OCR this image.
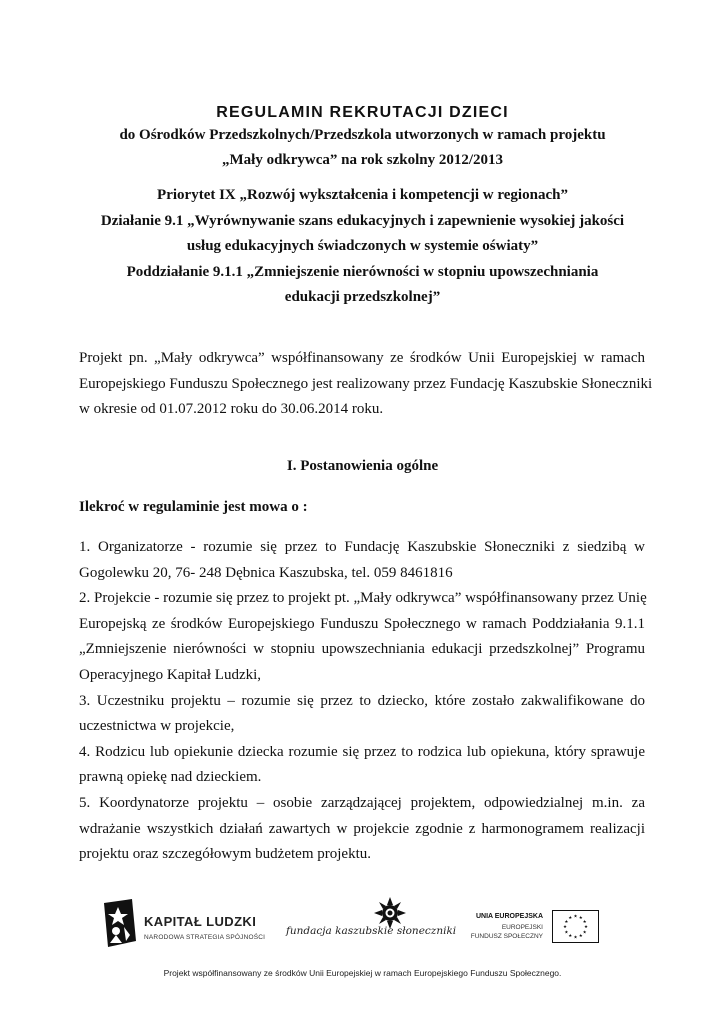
REGULAMIN REKRUTACJI DZIECI
do Ośrodków Przedszkolnych/Przedszkola utworzonych w ramach projektu
„Mały odkrywca” na rok szkolny 2012/2013
Priorytet IX „Rozwój wykształcenia i kompetencji w regionach”
Działanie 9.1 „Wyrównywanie szans edukacyjnych i zapewnienie wysokiej jakości
usług edukacyjnych świadczonych w systemie oświaty”
Poddziałanie 9.1.1 „Zmniejszenie nierówności w stopniu upowszechniania
edukacji przedszkolnej”
Projekt pn. „Mały odkrywca” współfinansowany ze środków Unii Europejskiej w ramach
Europejskiego Funduszu Społecznego jest realizowany przez Fundację Kaszubskie Słoneczniki
w okresie od 01.07.2012 roku do 30.06.2014 roku.
I. Postanowienia ogólne
Ilekroć w regulaminie jest mowa o :
1. Organizatorze - rozumie się przez to Fundację Kaszubskie Słoneczniki z siedzibą w
Gogolewku 20, 76- 248 Dębnica Kaszubska, tel. 059 8461816
2. Projekcie - rozumie się przez to projekt pt. „Mały odkrywca” współfinansowany przez Unię
Europejską ze środków Europejskiego Funduszu Społecznego w ramach Poddziałania 9.1.1
„Zmniejszenie nierówności w stopniu upowszechniania edukacji przedszkolnej” Programu
Operacyjnego Kapitał Ludzki,
3. Uczestniku projektu – rozumie się przez to dziecko, które zostało zakwalifikowane do
uczestnictwa w projekcie,
4. Rodzicu lub opiekunie dziecka rozumie się przez to rodzica lub opiekuna, który sprawuje
prawną opiekę nad dzieckiem.
5. Koordynatorze projektu – osobie zarządzającej projektem, odpowiedzialnej m.in. za
wdrażanie wszystkich działań zawartych w projekcie zgodnie z harmonogramem realizacji
projektu oraz szczegółowym budżetem projektu.
KAPITAŁ LUDZKI
NARODOWA STRATEGIA SPÓJNOŚCI
fundacja kaszubskie słoneczniki
UNIA EUROPEJSKA
EUROPEJSKI
FUNDUSZ SPOŁECZNY
★
★
★
★
★
★
★
★
★ ★ ★
★
Projekt współfinansowany ze środków Unii Europejskiej w ramach Europejskiego Funduszu Społecznego.
